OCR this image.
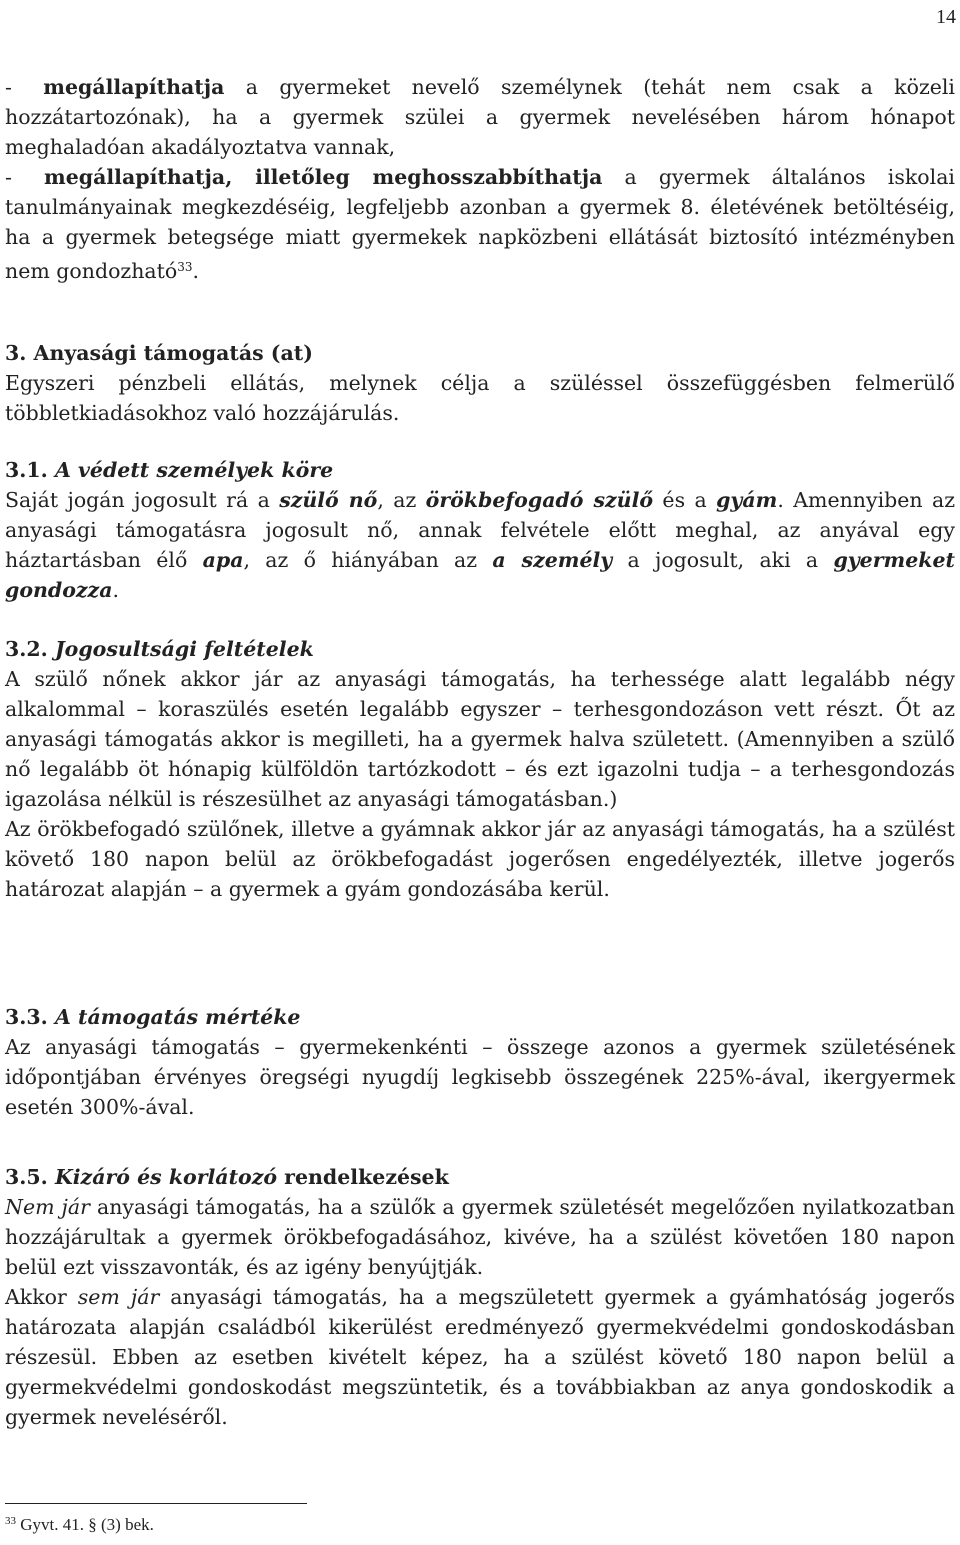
14

- megállapíthatja a gyermeket nevelő személynek (tehát nem csak a közeli hozzátartozónak), ha a gyermek szülei a gyermek nevelésében három hónapot meghaladóan akadályoztatva vannak,

- megállapíthatja, illetőleg meghosszabbíthatja a gyermek általános iskolai tanulmányainak megkezdéséig, legfeljebb azonban a gyermek 8. életévének betöltéséig, ha a gyermek betegsége miatt gyermekek napközbeni ellátását biztosító intézményben nem gondozható$^{33}$.

3. Anyasági támogatás (at)

Egyszeri pénzbeli ellátás, melynek célja a szüléssel összefüggésben felmerülő többletkiadásokhoz való hozzájárulás.

3.1. A védett személyek köre

Saját jogán jogosult rá a szülő nő, az örökbefogadó szülő és a gyám. Amennyiben az anyasági támogatásra jogosult nő, annak felvétele előtt meghal, az anyával egy háztartásban élő apa, az ő hiányában az a személy a jogosult, aki a gyermeket gondozza.

3.2. Jogosultsági feltételek

A szülő nőnek akkor jár az anyasági támogatás, ha terhessége alatt legalább négy alkalommal – koraszülés esetén legalább egyszer – terhesgondozáson vett részt. Őt az anyasági támogatás akkor is megilleti, ha a gyermek halva született. (Amennyiben a szülő nő legalább öt hónapig külföldön tartózkodott – és ezt igazolni tudja – a terhesgondozás igazolása nélkül is részesülhet az anyasági támogatásban.)

Az örökbefogadó szülőnek, illetve a gyámnak akkor jár az anyasági támogatás, ha a szülést követő 180 napon belül az örökbefogadást jogerősen engedélyezték, illetve jogerős határozat alapján – a gyermek a gyám gondozásába kerül.

3.3. A támogatás mértéke

Az anyasági támogatás – gyermekenkénti – összege azonos a gyermek születésének időpontjában érvényes öregségi nyugdíj legkisebb összegének 225%-ával, ikergyermek esetén 300%-ával.

3.5. Kizáró és korlátozó rendelkezések

Nem jár anyasági támogatás, ha a szülők a gyermek születését megelőzően nyilatkozatban hozzájárultak a gyermek örökbefogadásához, kivéve, ha a szülést követően 180 napon belül ezt visszavonták, és az igény benyújtják.

Akkor sem jár anyasági támogatás, ha a megszületett gyermek a gyámhatóság jogerős határozata alapján családból kikerülést eredményező gyermekvédelmi gondoskodásban részesül. Ebben az esetben kivételt képez, ha a szülést követő 180 napon belül a gyermekvédelmi gondoskodást megszüntetik, és a továbbiakban az anya gondoskodik a gyermek neveléséről.

$^{33}$ Gyvt. 41. § (3) bek.
